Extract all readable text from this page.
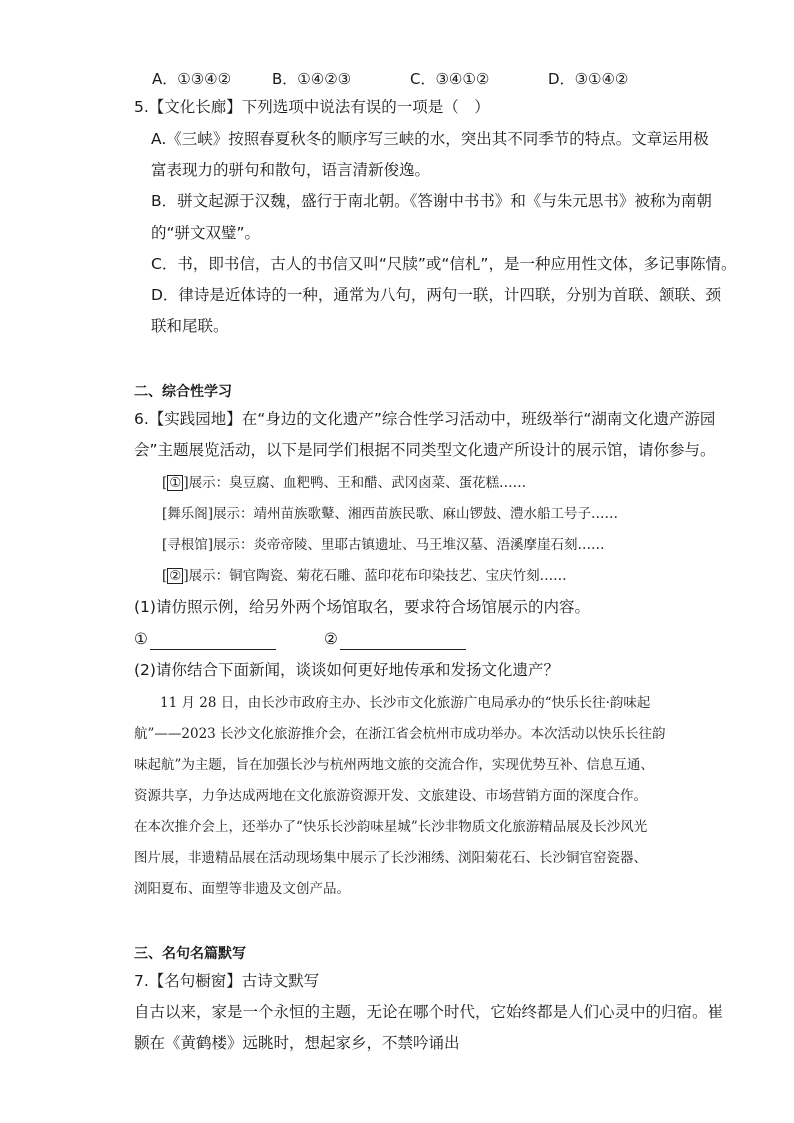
A．①③④②	B．①④②③	C．③④①②	D．③①④②
5.【文化长廊】下列选项中说法有误的一项是（　）
A.《三峡》按照春夏秋冬的顺序写三峡的水，突出其不同季节的特点。文章运用极
富表现力的骈句和散句，语言清新俊逸。
B．骈文起源于汉魏，盛行于南北朝。《答谢中书书》和《与朱元思书》被称为南朝
的“骈文双璧”。
C．书，即书信，古人的书信又叫“尺牍”或“信札”，是一种应用性文体，多记事陈情。
D．律诗是近体诗的一种，通常为八句，两句一联，计四联，分别为首联、颔联、颈
联和尾联。
二、综合性学习
6.【实践园地】在“身边的文化遗产”综合性学习活动中，班级举行“湖南文化遗产游园
会”主题展览活动，以下是同学们根据不同类型文化遗产所设计的展示馆，请你参与。
[ ① ]展示：臭豆腐、血粑鸭、王和醋、武冈卤菜、蛋花糕……
[舞乐阁]展示：靖州苗族歌鼙、湘西苗族民歌、麻山锣鼓、澧水船工号子……
[寻根馆]展示：炎帝帝陵、里耶古镇遗址、马王堆汉墓、浯溪摩崖石刻……
[ ② ]展示：铜官陶瓷、菊花石雕、蓝印花布印染技艺、宝庆竹刻……
(1)请仿照示例，给另外两个场馆取名，要求符合场馆展示的内容。
①	②
(2)请你结合下面新闻，谈谈如何更好地传承和发扬文化遗产？
11 月 28 日，由长沙市政府主办、长沙市文化旅游广电局承办的“快乐长往·韵味起
航”——2023 长沙文化旅游推介会，在浙江省会杭州市成功举办。本次活动以快乐长往韵
味起航”为主题，旨在加强长沙与杭州两地文旅的交流合作，实现优势互补、信息互通、
资源共享，力争达成两地在文化旅游资源开发、文旅建设、市场营销方面的深度合作。
在本次推介会上，还举办了“快乐长沙韵味星城”长沙非物质文化旅游精品展及长沙风光
图片展，非遗精品展在活动现场集中展示了长沙湘绣、浏阳菊花石、长沙铜官窑瓷器、
浏阳夏布、面塑等非遗及文创产品。
三、名句名篇默写
7.【名句橱窗】古诗文默写
自古以来，家是一个永恒的主题，无论在哪个时代，它始终都是人们心灵中的归宿。崔
颢在《黄鹤楼》远眺时，想起家乡，不禁吟诵出
